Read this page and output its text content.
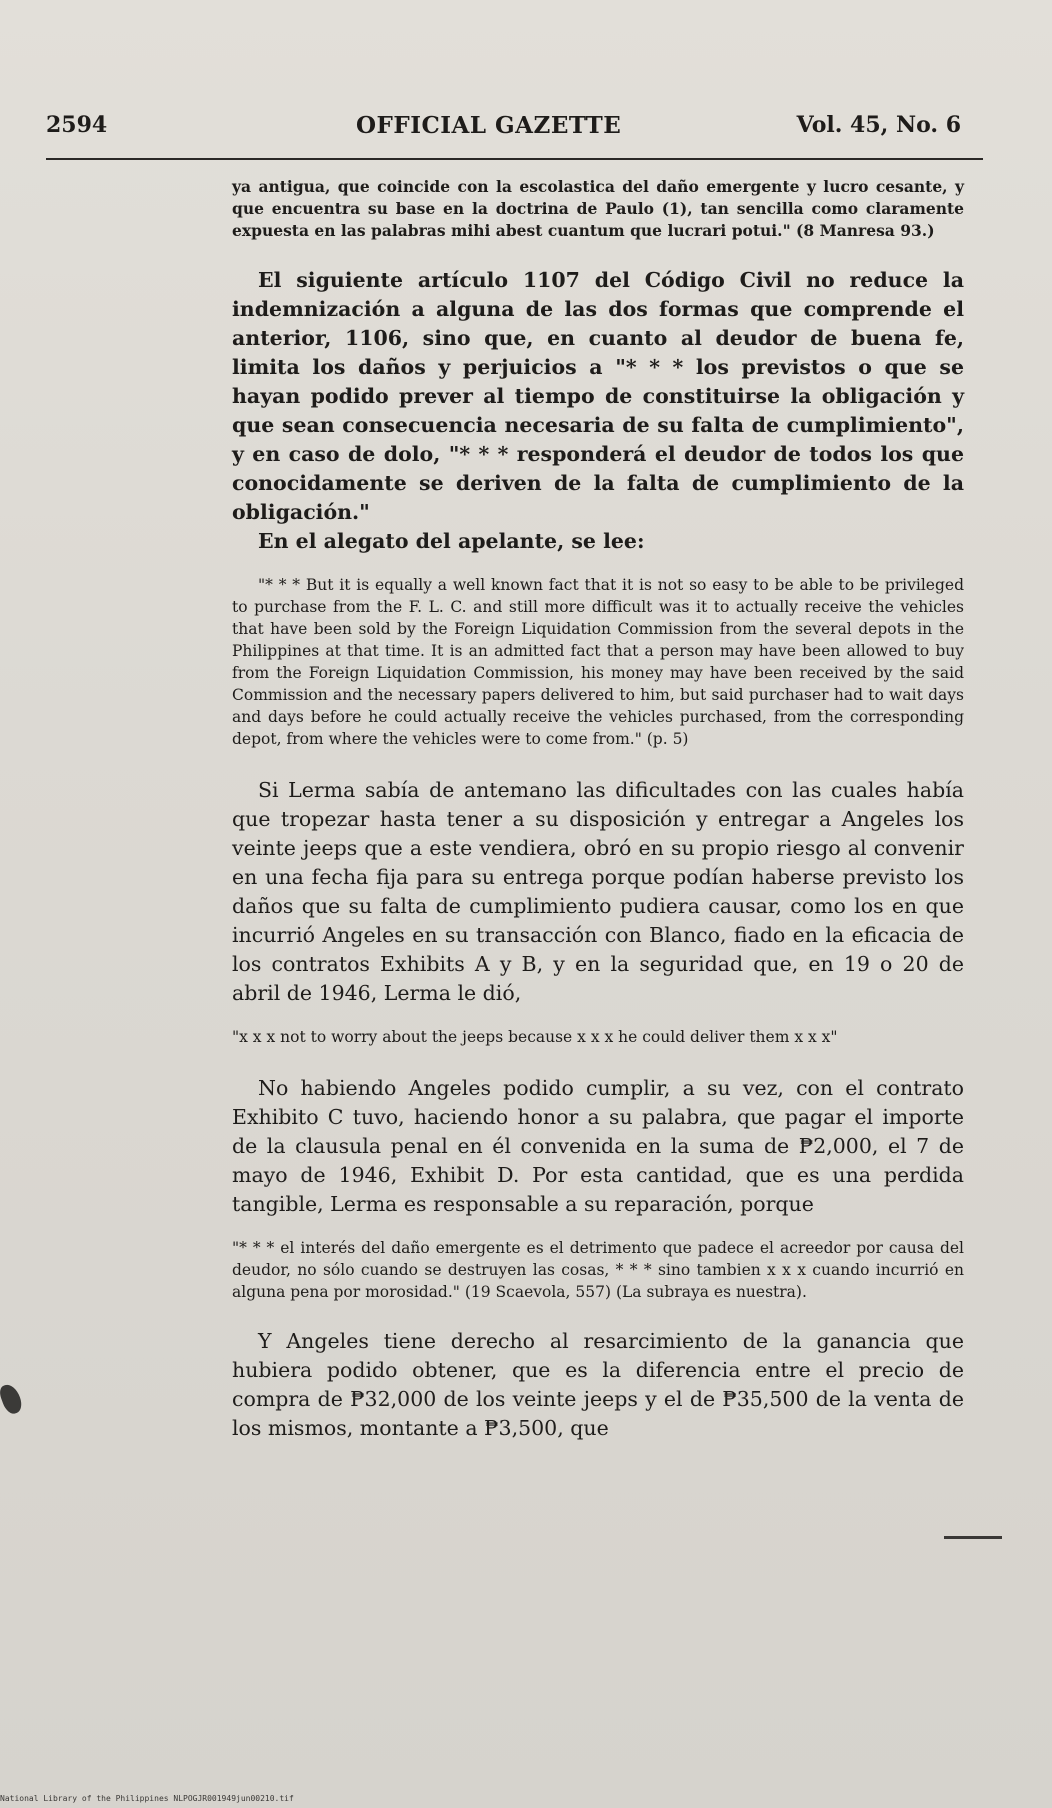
2594	OFFICIAL GAZETTE	Vol. 45, No. 6

ya antigua, que coincide con la escolastica del daño emergente y lucro cesante, y que encuentra su base en la doctrina de Paulo (1), tan sencilla como claramente expuesta en las palabras mihi abest cuantum que lucrari potui." (8 Manresa 93.)

El siguiente artículo 1107 del Código Civil no reduce la indemnización a alguna de las dos formas que comprende el anterior, 1106, sino que, en cuanto al deudor de buena fe, limita los daños y perjuicios a "* * * los previstos o que se hayan podido prever al tiempo de constituirse la obligación y que sean consecuencia necesaria de su falta de cumplimiento", y en caso de dolo, "* * * responderá el deudor de todos los que conocidamente se deriven de la falta de cumplimiento de la obligación."

En el alegato del apelante, se lee:

"* * * But it is equally a well known fact that it is not so easy to be able to be privileged to purchase from the F. L. C. and still more difficult was it to actually receive the vehicles that have been sold by the Foreign Liquidation Commission from the several depots in the Philippines at that time. It is an admitted fact that a person may have been allowed to buy from the Foreign Liquidation Commission, his money may have been received by the said Commission and the necessary papers delivered to him, but said purchaser had to wait days and days before he could actually receive the vehicles purchased, from the corresponding depot, from where the vehicles were to come from." (p. 5)

Si Lerma sabía de antemano las dificultades con las cuales había que tropezar hasta tener a su disposición y entregar a Angeles los veinte jeeps que a este vendiera, obró en su propio riesgo al convenir en una fecha fija para su entrega porque podían haberse previsto los daños que su falta de cumplimiento pudiera causar, como los en que incurrió Angeles en su transacción con Blanco, fiado en la eficacia de los contratos Exhibits A y B, y en la seguridad que, en 19 o 20 de abril de 1946, Lerma le dió,

"x x x not to worry about the jeeps because x x x he could deliver them x x x"

No habiendo Angeles podido cumplir, a su vez, con el contrato Exhibito C tuvo, haciendo honor a su palabra, que pagar el importe de la clausula penal en él convenida en la suma de ₱2,000, el 7 de mayo de 1946, Exhibit D. Por esta cantidad, que es una perdida tangible, Lerma es responsable a su reparación, porque

"* * * el interés del daño emergente es el detrimento que padece el acreedor por causa del deudor, no sólo cuando se destruyen las cosas, * * * sino tambien x x x cuando incurrió en alguna pena por morosidad." (19 Scaevola, 557) (La subraya es nuestra).

Y Angeles tiene derecho al resarcimiento de la ganancia que hubiera podido obtener, que es la diferencia entre el precio de compra de ₱32,000 de los veinte jeeps y el de ₱35,500 de la venta de los mismos, montante a ₱3,500, que

National Library of the Philippines NLPOGJR001949jun00210.tif
